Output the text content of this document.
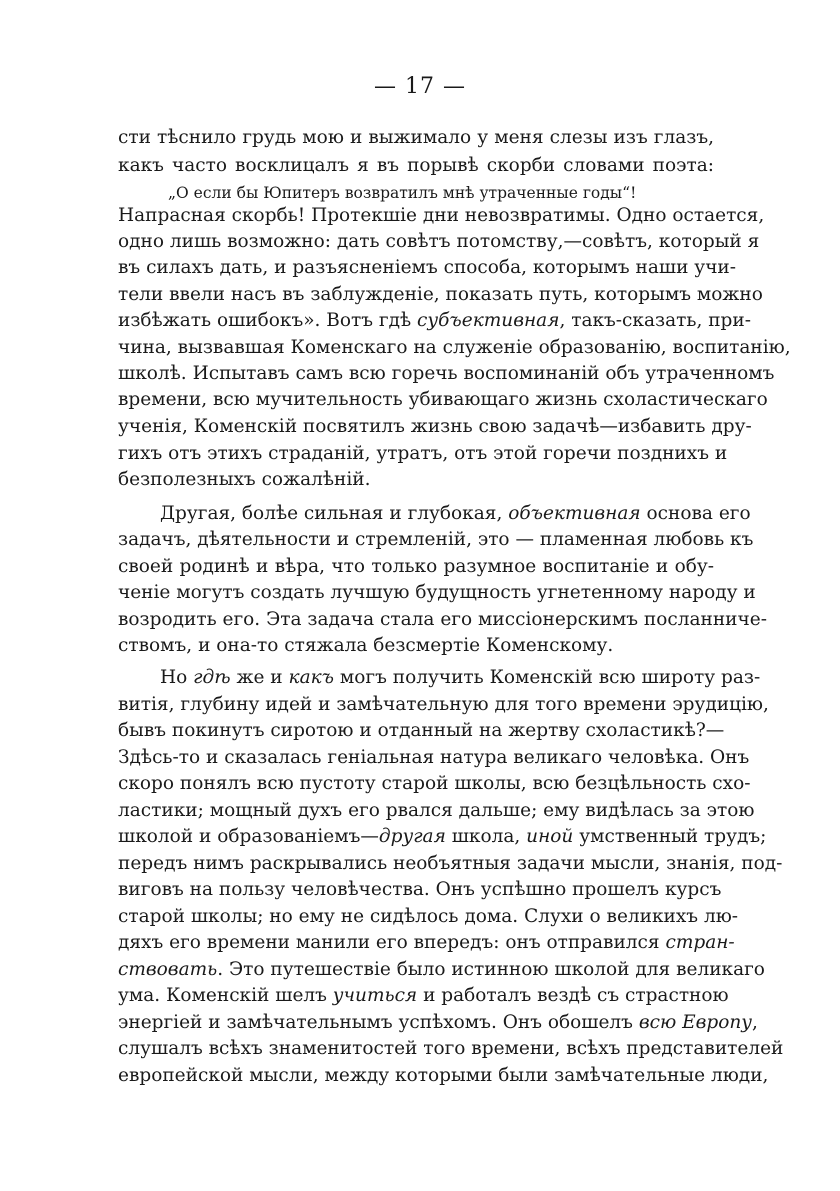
— 17 —
сти тѣснило грудь мою и выжимало у меня слезы изъ глазъ,
какъ часто восклицалъ я въ порывѣ скорби словами поэта:
„О если бы Юпитеръ возвратилъ мнѣ утраченные годы“!
Напрасная скорбь! Протекшіе дни невозвратимы. Одно остается,
одно лишь возможно: дать совѣтъ потомству,—совѣтъ, который я
въ силахъ дать, и разъясненіемъ способа, которымъ наши учи-
тели ввели насъ въ заблужденіе, показать путь, которымъ можно
избѣжать ошибокъ». Вотъ гдѣ субъективная, такъ-сказать, при-
чина, вызвавшая Коменскаго на служеніе образованію, воспитанію,
школѣ. Испытавъ самъ всю горечь воспоминаній объ утраченномъ
времени, всю мучительность убивающаго жизнь схоластическаго
ученія, Коменскій посвятилъ жизнь свою задачѣ—избавить дру-
гихъ отъ этихъ страданій, утратъ, отъ этой горечи позднихъ и
безполезныхъ сожалѣній.
Другая, болѣе сильная и глубокая, объективная основа его
задачъ, дѣятельности и стремленій, это — пламенная любовь къ
своей родинѣ и вѣра, что только разумное воспитаніе и обу-
ченіе могутъ создать лучшую будущность угнетенному народу и
возродить его. Эта задача стала его миссіонерскимъ посланниче-
ствомъ, и она-то стяжала безсмертіе Коменскому.
Но гдѣ же и какъ могъ получить Коменскій всю широту раз-
витія, глубину идей и замѣчательную для того времени эрудицію,
бывъ покинутъ сиротою и отданный на жертву схоластикѣ?—
Здѣсь-то и сказалась геніальная натура великаго человѣка. Онъ
скоро понялъ всю пустоту старой школы, всю безцѣльность схо-
ластики; мощный духъ его рвался дальше; ему видѣлась за этою
школой и образованіемъ—другая школа, иной умственный трудъ;
передъ нимъ раскрывались необъятныя задачи мысли, знанія, под-
виговъ на пользу человѣчества. Онъ успѣшно прошелъ курсъ
старой школы; но ему не сидѣлось дома. Слухи о великихъ лю-
дяхъ его времени манили его впередъ: онъ отправился стран-
ствовать. Это путешествіе было истинною школой для великаго
ума. Коменскій шелъ учиться и работалъ вездѣ съ страстною
энергіей и замѣчательнымъ успѣхомъ. Онъ обошелъ всю Европу,
слушалъ всѣхъ знаменитостей того времени, всѣхъ представителей
европейской мысли, между которыми были замѣчательные люди,
